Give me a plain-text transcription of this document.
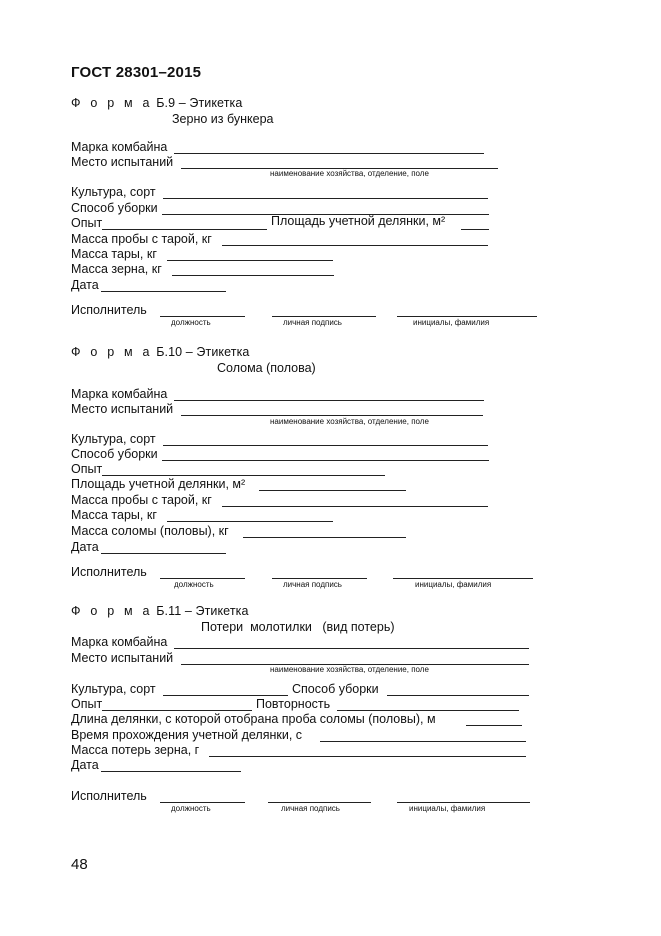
ГОСТ 28301–2015
Ф о р м а Б.9 – Этикетка
Зерно из бункера
Марка комбайна
Место испытаний
наименование хозяйства, отделение, поле
Культура, сорт
Способ уборки
Опыт	Площадь учетной делянки, м²
Масса пробы с тарой, кг
Масса тары, кг
Масса зерна, кг
Дата
Исполнитель
должность	личная подпись	инициалы, фамилия
Ф о р м а Б.10 – Этикетка
Солома (полова)
Марка комбайна
Место испытаний
наименование хозяйства, отделение, поле
Культура, сорт
Способ уборки
Опыт
Площадь учетной делянки, м²
Масса пробы с тарой, кг
Масса тары, кг
Масса соломы (половы), кг
Дата
Исполнитель
должность	личная подпись	инициалы, фамилия
Ф о р м а Б.11 – Этикетка
Потери  молотилки   (вид потерь)
Марка комбайна
Место испытаний
наименование хозяйства, отделение, поле
Культура, сорт	Способ уборки
Опыт	Повторность
Длина делянки, с которой отобрана проба соломы (половы), м
Время прохождения учетной делянки, с
Масса потерь зерна, г
Дата
Исполнитель
должность	личная подпись	инициалы, фамилия
48
